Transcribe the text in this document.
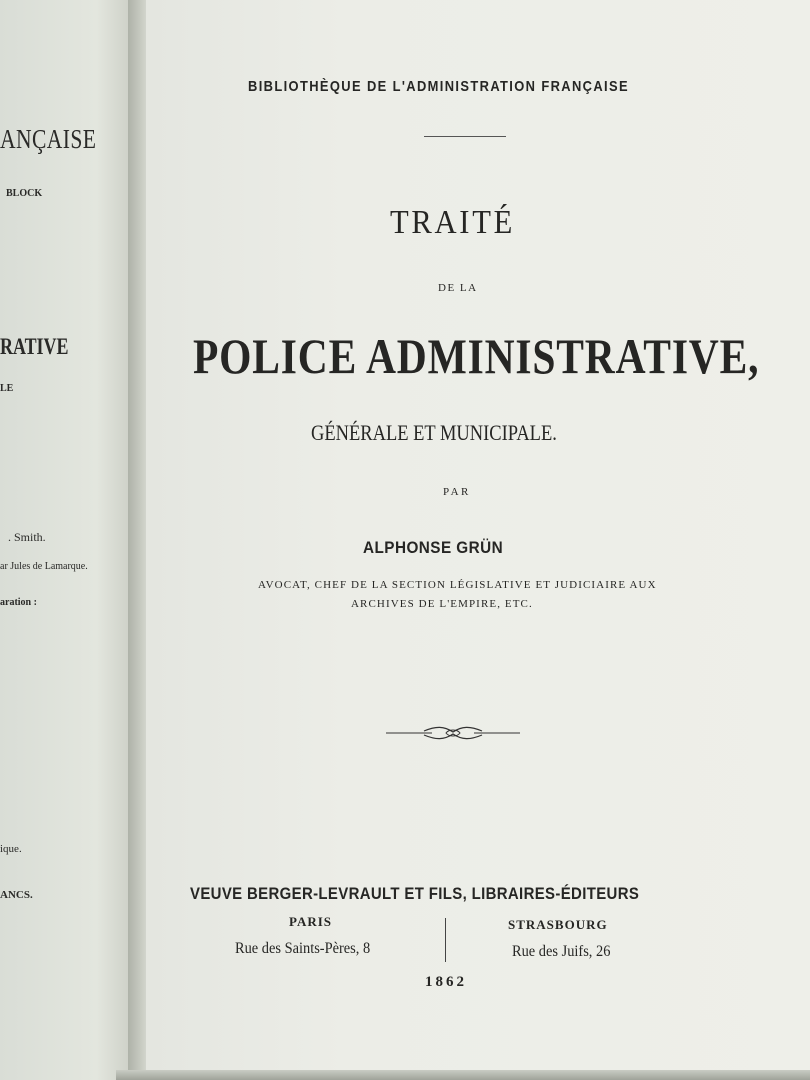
ANÇAISE
BLOCK
RATIVE
LE
. Smith.
ar Jules de Lamarque.
aration :
ique.
ANCS.
BIBLIOTHÈQUE DE L'ADMINISTRATION FRANÇAISE
TRAITÉ
DE LA
POLICE ADMINISTRATIVE,
GÉNÉRALE ET MUNICIPALE.
PAR
ALPHONSE GRÜN
AVOCAT, CHEF DE LA SECTION LÉGISLATIVE ET JUDICIAIRE AUX
ARCHIVES DE L'EMPIRE, ETC.
VEUVE BERGER-LEVRAULT ET FILS, LIBRAIRES-ÉDITEURS
PARIS
Rue des Saints-Pères, 8
STRASBOURG
Rue des Juifs, 26
1862
